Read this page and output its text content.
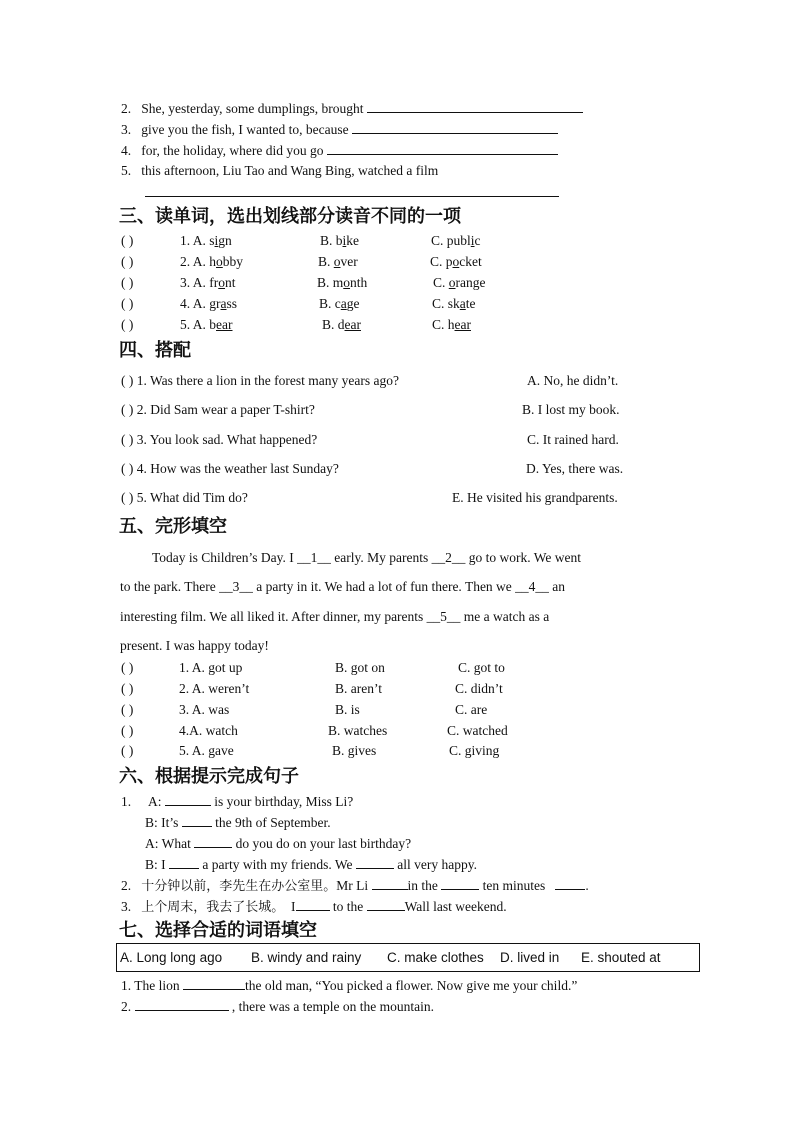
2. She, yesterday, some dumplings, brought
3. give you the fish, I wanted to, because
4. for, the holiday, where did you go
5. this afternoon, Liu Tao and Wang Bing, watched a film
三、读单词，选出划线部分读音不同的一项
( )	1. A. sign	B. bike	C. public
( )	2. A. hobby	B. over	C. pocket
( )	3. A. front	B. month	C. orange
( )	4. A. grass	B. cage	C. skate
( )	5. A. bear	B. dear	C. hear
四、搭配
( ) 1. Was there a lion in the forest many years ago?	A. No, he didn’t.
( ) 2. Did Sam wear a paper T-shirt?	B. I lost my book.
( ) 3. You look sad. What happened?	C. It rained hard.
( ) 4. How was the weather last Sunday?	D. Yes, there was.
( ) 5. What did Tim do?	E. He visited his grandparents.
五、完形填空
Today is Children’s Day. I __1__ early. My parents __2__ go to work. We went
to the park. There __3__ a party in it. We had a lot of fun there. Then we __4__ an
interesting film. We all liked it. After dinner, my parents __5__ me a watch as a
present. I was happy today!
( )	1. A. got up	B. got on	C. got to
( )	2. A. weren’t	B. aren’t	C. didn’t
( )	3. A. was	B. is	C. are
( )	4.A. watch	B. watches	C. watched
( )	5. A. gave	B. gives	C. giving
六、根据提示完成句子
1. A:	is your birthday, Miss Li?
B: It’s	the 9th of September.
A: What	do you do on your last birthday?
B: I	a party with my friends. We	all very happy.
2. 十分钟以前，李先生在办公室里。Mr Li	in the	ten minutes	.
3. 上个周末，我去了长城。 I	to the	Wall last weekend.
七、选择合适的词语填空
A. Long long ago B. windy and rainy C. make clothes D. lived in E. shouted at
1. The lion	the old man, “You picked a flower. Now give me your child.”
2.	, there was a temple on the mountain.
